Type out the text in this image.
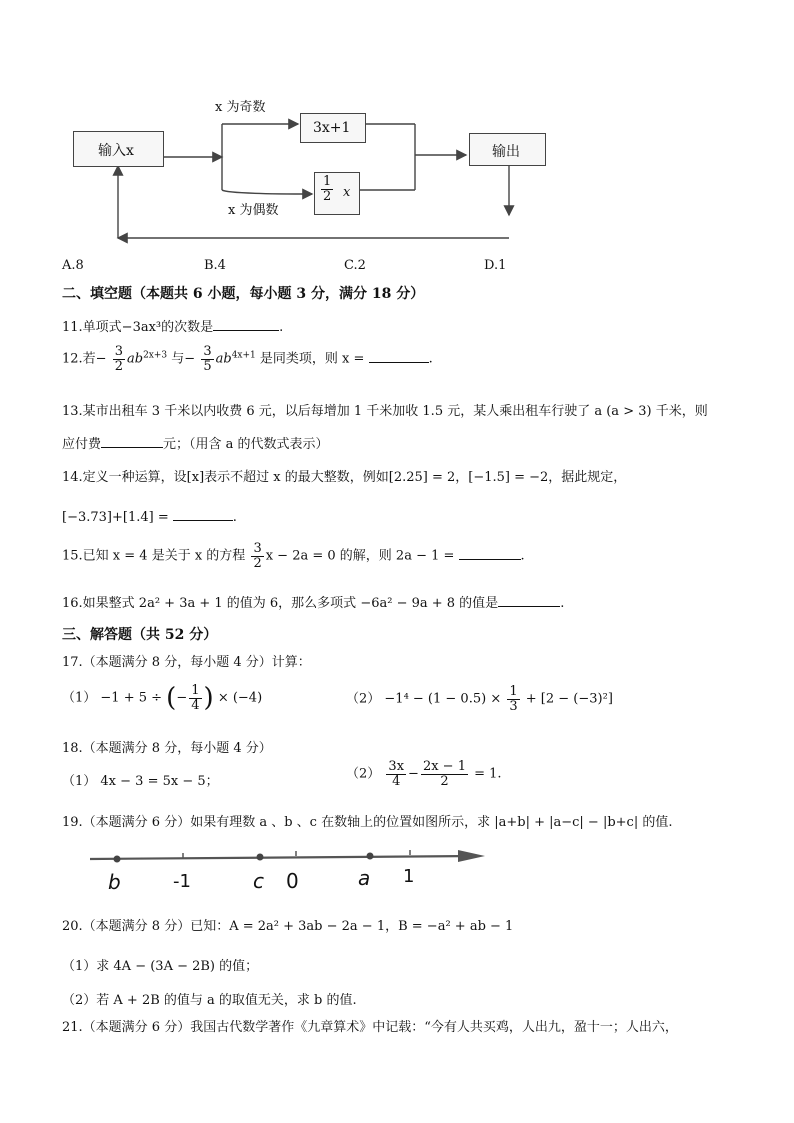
输入x
x 为奇数
3x+1
$\frac{1}{2}$ x
x 为偶数
输出
A.8	B.4	C.2	D.1
二、填空题（本题共 6 小题，每小题 3 分，满分 18 分）
11.单项式−3ax³的次数是	.
12.若− $\frac{3}{2} ab^{2x+3}$ 与− $\frac{3}{5} ab^{4x+1}$ 是同类项，则 x =	.
13.某市出租车 3 千米以内收费 6 元，以后每增加 1 千米加收 1.5 元，某人乘出租车行驶了 a (a > 3) 千米，则
应付费	元；（用含 a 的代数式表示）
14.定义一种运算，设[x]表示不超过 x 的最大整数，例如[2.25] = 2，[−1.5] = −2，据此规定，
[−3.73]+[1.4] =	.
15.已知 x = 4 是关于 x 的方程 $\frac{3}{2}$ x − 2a = 0 的解，则 2a − 1 =	.
16.如果整式 2a² + 3a + 1 的值为 6，那么多项式 −6a² − 9a + 8 的值是	.
三、解答题（共 52 分）
17.（本题满分 8 分，每小题 4 分）计算：
（1） −1 + 5 ÷ (− $\frac{1}{4}$ ) × (−4)	$(2) -1^4 - (1 - 0.5) \times \frac{1}{3} + [2 - (-3)^2]$
18.（本题满分 8 分，每小题 4 分）
（1） 4x − 3 = 5x − 5；	$(2) \frac{3x}{4} - \frac{2x - 1}{2} = 1$.
19.（本题满分 6 分）如果有理数 a 、b 、c 在数轴上的位置如图所示，求 |a+b| + |a−c| − |b+c| 的值.
b	-1	c 0	a 1
20.（本题满分 8 分）已知：A = 2a² + 3ab − 2a − 1，B = −a² + ab − 1
（1）求 4A − (3A − 2B) 的值；
（2）若 A + 2B 的值与 a 的取值无关，求 b 的值.
21.（本题满分 6 分）我国古代数学著作《九章算术》中记载：“今有人共买鸡，人出九，盈十一；人出六，
